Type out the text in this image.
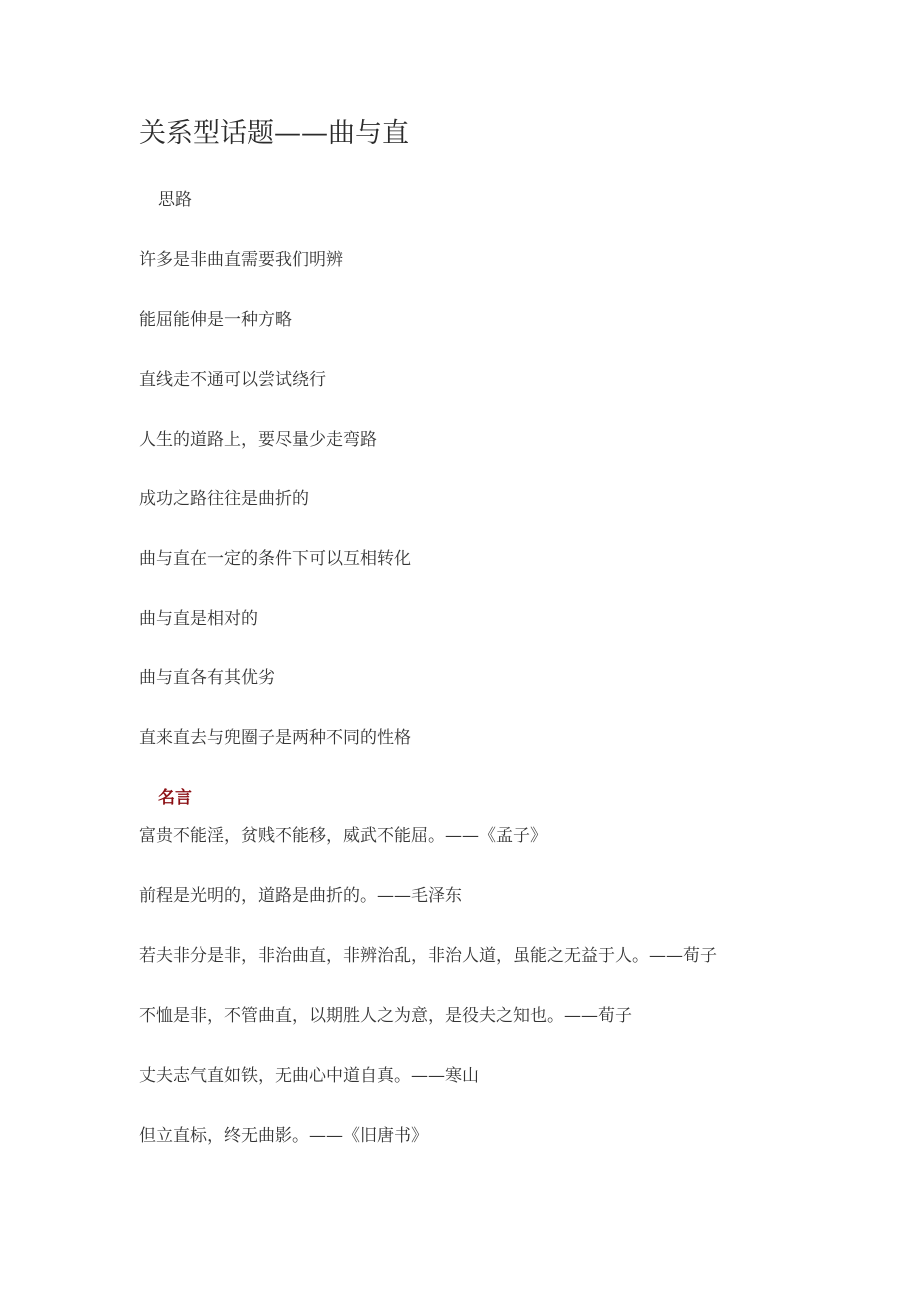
关系型话题——曲与直
思路
许多是非曲直需要我们明辨
能屈能伸是一种方略
直线走不通可以尝试绕行
人生的道路上，要尽量少走弯路
成功之路往往是曲折的
曲与直在一定的条件下可以互相转化
曲与直是相对的
曲与直各有其优劣
直来直去与兜圈子是两种不同的性格
名言
富贵不能淫，贫贱不能移，威武不能屈。——《孟子》
前程是光明的，道路是曲折的。——毛泽东
若夫非分是非，非治曲直，非辨治乱，非治人道，虽能之无益于人。——荀子
不恤是非，不管曲直，以期胜人之为意，是役夫之知也。——荀子
丈夫志气直如铁，无曲心中道自真。——寒山
但立直标，终无曲影。——《旧唐书》
